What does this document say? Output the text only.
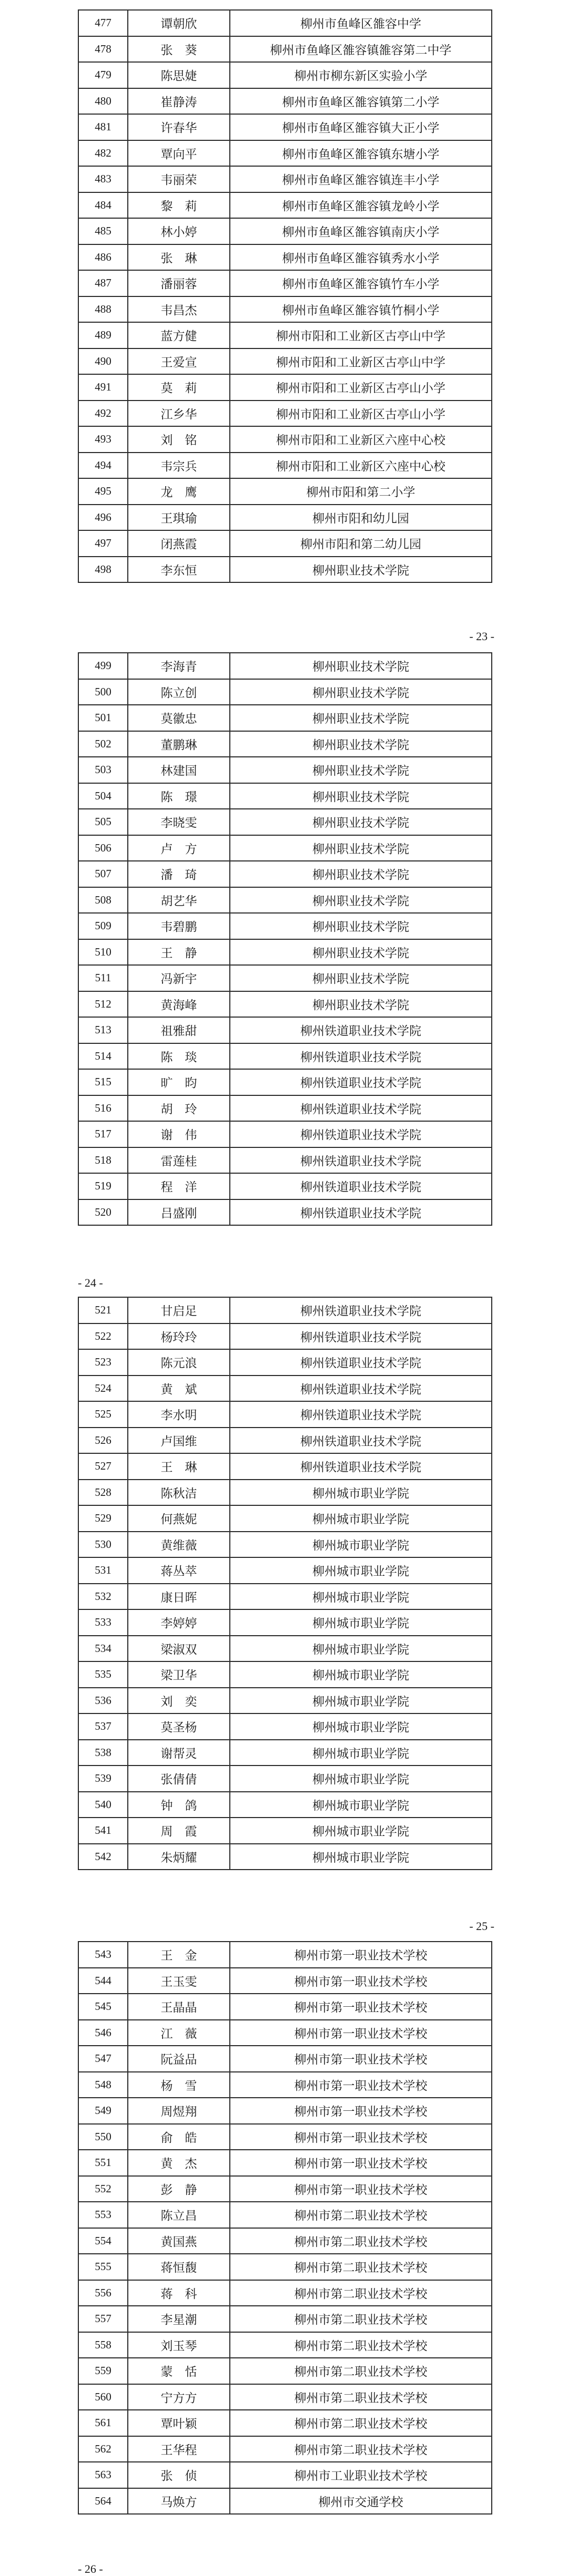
477	谭朝欣	柳州市鱼峰区雒容中学
478	张　葵	柳州市鱼峰区雒容镇雒容第二中学
479	陈思婕	柳州市柳东新区实验小学
480	崔静涛	柳州市鱼峰区雒容镇第二小学
481	许春华	柳州市鱼峰区雒容镇大正小学
482	覃向平	柳州市鱼峰区雒容镇东塘小学
483	韦丽荣	柳州市鱼峰区雒容镇连丰小学
484	黎　莉	柳州市鱼峰区雒容镇龙岭小学
485	林小婷	柳州市鱼峰区雒容镇南庆小学
486	张　琳	柳州市鱼峰区雒容镇秀水小学
487	潘丽蓉	柳州市鱼峰区雒容镇竹车小学
488	韦昌杰	柳州市鱼峰区雒容镇竹桐小学
489	蓝方健	柳州市阳和工业新区古亭山中学
490	王爱宣	柳州市阳和工业新区古亭山中学
491	莫　莉	柳州市阳和工业新区古亭山小学
492	江乡华	柳州市阳和工业新区古亭山小学
493	刘　铭	柳州市阳和工业新区六座中心校
494	韦宗兵	柳州市阳和工业新区六座中心校
495	龙　鹰	柳州市阳和第二小学
496	王琪瑜	柳州市阳和幼儿园
497	闭燕霞	柳州市阳和第二幼儿园
498	李东恒	柳州职业技术学院
- 23 -
499	李海青	柳州职业技术学院
500	陈立创	柳州职业技术学院
501	莫徽忠	柳州职业技术学院
502	董鹏琳	柳州职业技术学院
503	林建国	柳州职业技术学院
504	陈　璟	柳州职业技术学院
505	李晓雯	柳州职业技术学院
506	卢　方	柳州职业技术学院
507	潘　琦	柳州职业技术学院
508	胡艺华	柳州职业技术学院
509	韦碧鹏	柳州职业技术学院
510	王　静	柳州职业技术学院
511	冯新宇	柳州职业技术学院
512	黄海峰	柳州职业技术学院
513	祖雅甜	柳州铁道职业技术学院
514	陈　琰	柳州铁道职业技术学院
515	旷　昀	柳州铁道职业技术学院
516	胡　玲	柳州铁道职业技术学院
517	谢　伟	柳州铁道职业技术学院
518	雷莲桂	柳州铁道职业技术学院
519	程　洋	柳州铁道职业技术学院
520	吕盛刚	柳州铁道职业技术学院
- 24 -
521	甘启足	柳州铁道职业技术学院
522	杨玲玲	柳州铁道职业技术学院
523	陈元浪	柳州铁道职业技术学院
524	黄　斌	柳州铁道职业技术学院
525	李水明	柳州铁道职业技术学院
526	卢国维	柳州铁道职业技术学院
527	王　琳	柳州铁道职业技术学院
528	陈秋洁	柳州城市职业学院
529	何燕妮	柳州城市职业学院
530	黄维薇	柳州城市职业学院
531	蒋丛萃	柳州城市职业学院
532	康日晖	柳州城市职业学院
533	李婷婷	柳州城市职业学院
534	梁淑双	柳州城市职业学院
535	梁卫华	柳州城市职业学院
536	刘　奕	柳州城市职业学院
537	莫圣杨	柳州城市职业学院
538	谢帮灵	柳州城市职业学院
539	张倩倩	柳州城市职业学院
540	钟　鸽	柳州城市职业学院
541	周　霞	柳州城市职业学院
542	朱炳耀	柳州城市职业学院
- 25 -
543	王　金	柳州市第一职业技术学校
544	王玉雯	柳州市第一职业技术学校
545	王晶晶	柳州市第一职业技术学校
546	江　薇	柳州市第一职业技术学校
547	阮益品	柳州市第一职业技术学校
548	杨　雪	柳州市第一职业技术学校
549	周煜翔	柳州市第一职业技术学校
550	俞　皓	柳州市第一职业技术学校
551	黄　杰	柳州市第一职业技术学校
552	彭　静	柳州市第一职业技术学校
553	陈立昌	柳州市第二职业技术学校
554	黄国燕	柳州市第二职业技术学校
555	蒋恒馥	柳州市第二职业技术学校
556	蒋　科	柳州市第二职业技术学校
557	李星潮	柳州市第二职业技术学校
558	刘玉琴	柳州市第二职业技术学校
559	蒙　恬	柳州市第二职业技术学校
560	宁方方	柳州市第二职业技术学校
561	覃叶颖	柳州市第二职业技术学校
562	王华程	柳州市第二职业技术学校
563	张　侦	柳州市工业职业技术学校
564	马焕方	柳州市交通学校
- 26 -
